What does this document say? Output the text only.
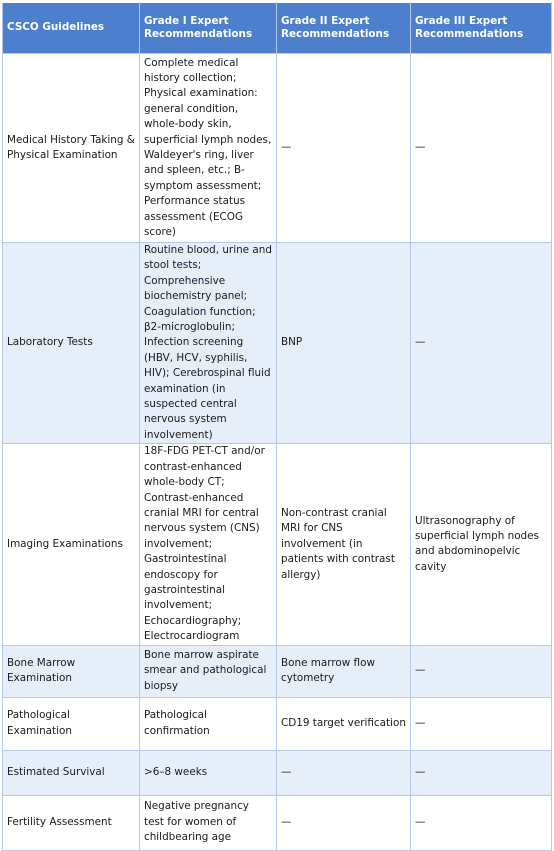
CSCO Guidelines	Grade I Expert Recommendations	Grade II Expert Recommendations	Grade III Expert Recommendations
Medical History Taking & Physical Examination	Complete medical history collection; Physical examination: general condition, whole-body skin, superficial lymph nodes, Waldeyer's ring, liver and spleen, etc.; B-symptom assessment; Performance status assessment (ECOG score)	—	—
Laboratory Tests	Routine blood, urine and stool tests; Comprehensive biochemistry panel; Coagulation function; β2-microglobulin; Infection screening (HBV, HCV, syphilis, HIV); Cerebrospinal fluid examination (in suspected central nervous system involvement)	BNP	—
Imaging Examinations	18F-FDG PET-CT and/or contrast-enhanced whole-body CT; Contrast-enhanced cranial MRI for central nervous system (CNS) involvement; Gastrointestinal endoscopy for gastrointestinal involvement; Echocardiography; Electrocardiogram	Non-contrast cranial MRI for CNS involvement (in patients with contrast allergy)	Ultrasonography of superficial lymph nodes and abdominopelvic cavity
Bone Marrow Examination	Bone marrow aspirate smear and pathological biopsy	Bone marrow flow cytometry	—
Pathological Examination	Pathological confirmation	CD19 target verification	—
Estimated Survival	>6–8 weeks	—	—
Fertility Assessment	Negative pregnancy test for women of childbearing age	—	—
